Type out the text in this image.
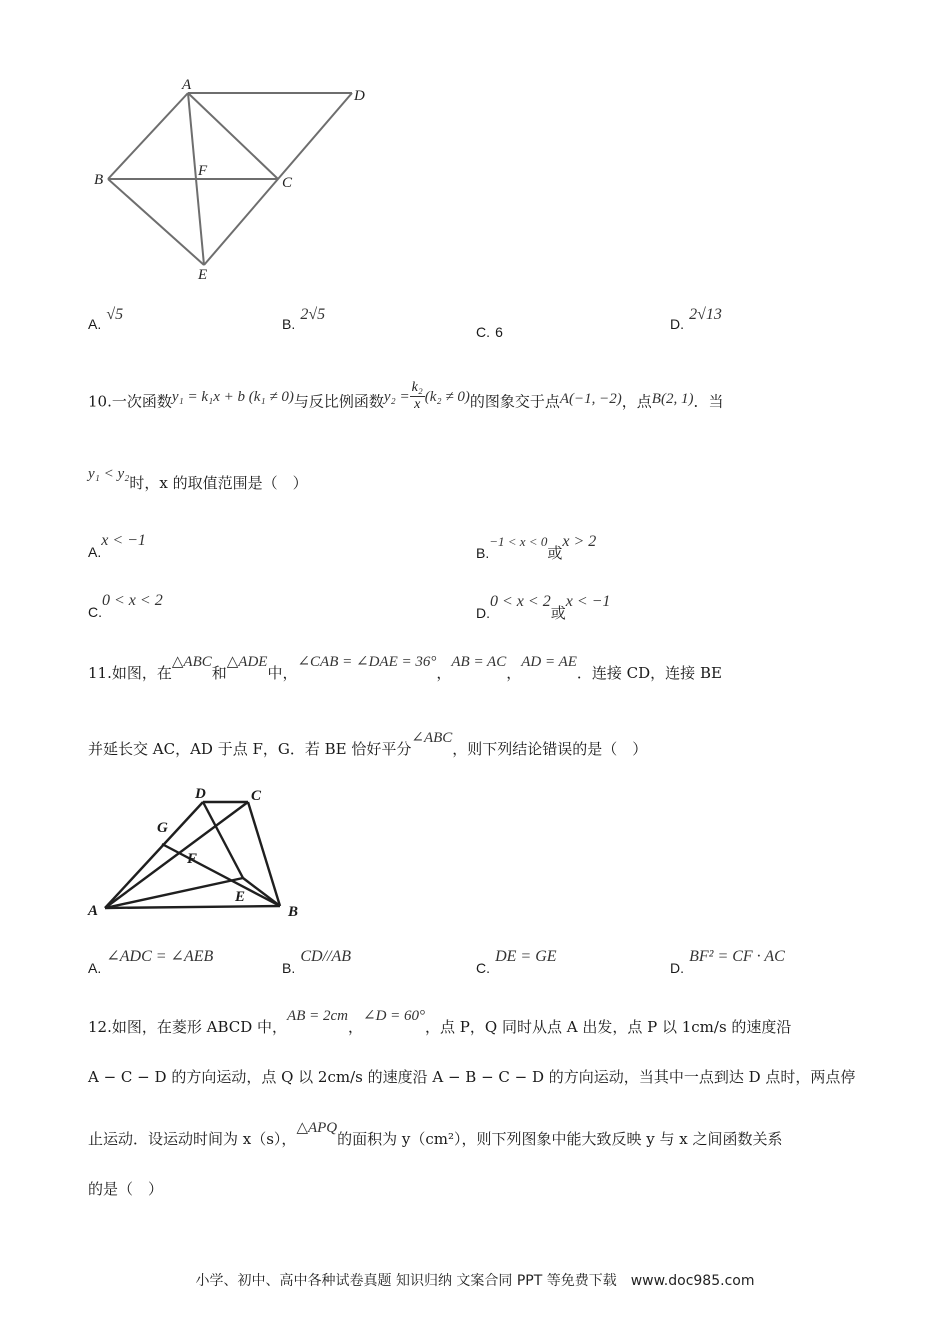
A
D
B
F
C
E
A. √5
B. 2√5
C. 6	D. 2√13
10.一次函数y₁ = k₁x + b (k₁ ≠ 0)与反比例函数$y_2 = \frac{\text{k₂}}{x} (k_2 \ne 0)$的图象交于点A(−1, −2)，点B(2, 1)．当
y₁ < y₂时，x 的取值范围是（　）
A.x < −1
B.−1 < x < 0或x > 2
C.0 < x < 2
D.0 < x < 2或x < −1
11.如图，在△ABC和△ADE中，∠CAB = ∠DAE = 36°，AB = AC，AD = AE．连接 CD，连接 BE
并延长交 AC，AD 于点 F，G．若 BE 恰好平分∠ABC，则下列结论错误的是（　）
D	C
G
F
E
A	B
A. ∠ADC = ∠AEB
B. CD//AB
C. DE = GE
D. BF² = CF · AC
12.如图，在菱形 ABCD 中，AB = 2cm，∠D = 60°，点 P，Q 同时从点 A 出发，点 P 以 1cm/s 的速度沿
A − C − D 的方向运动，点 Q 以 2cm/s 的速度沿 A − B − C − D 的方向运动，当其中一点到达 D 点时，两点停
止运动．设运动时间为 x（s），△APQ的面积为 y（cm²），则下列图象中能大致反映 y 与 x 之间函数关系
的是（　）
小学、初中、高中各种试卷真题 知识归纳 文案合同 PPT 等免费下载　www.doc985.com
